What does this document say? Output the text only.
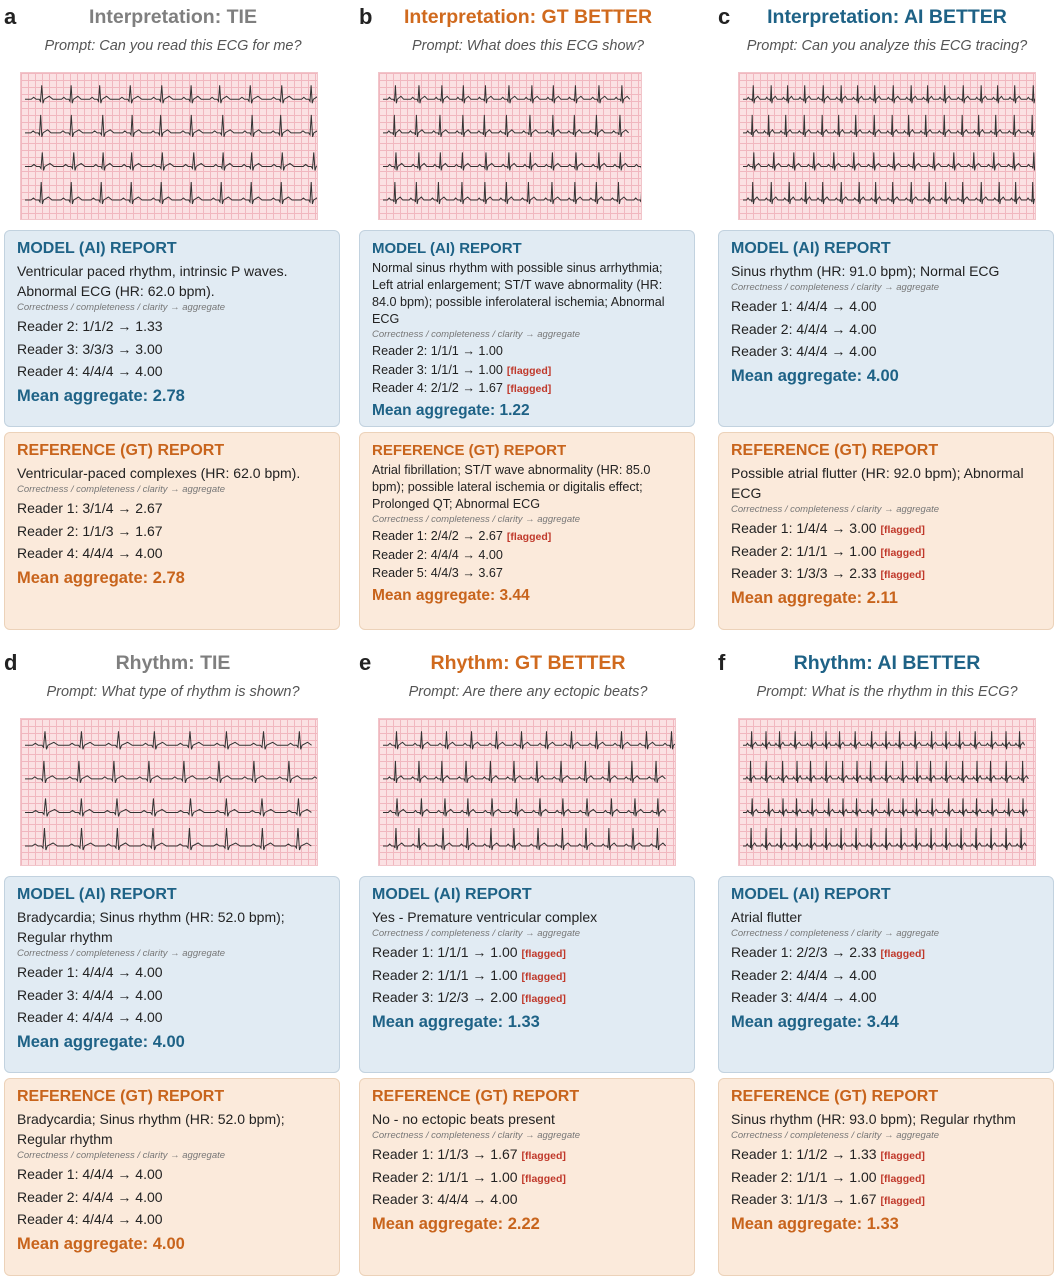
a	Interpretation: TIE
Prompt: Can you read this ECG for me?
MODEL (AI) REPORT
Ventricular paced rhythm, intrinsic P waves. Abnormal ECG (HR: 62.0 bpm).
Correctness / completeness / clarity → aggregate
Reader 2: 1/1/2 → 1.33
Reader 3: 3/3/3 → 3.00
Reader 4: 4/4/4 → 4.00
Mean aggregate: 2.78
REFERENCE (GT) REPORT
Ventricular-paced complexes (HR: 62.0 bpm).
Correctness / completeness / clarity → aggregate
Reader 1: 3/1/4 → 2.67
Reader 2: 1/1/3 → 1.67
Reader 4: 4/4/4 → 4.00
Mean aggregate: 2.78
b	Interpretation: GT BETTER
Prompt: What does this ECG show?
MODEL (AI) REPORT
Normal sinus rhythm with possible sinus arrhythmia; Left atrial enlargement; ST/T wave abnormality (HR: 84.0 bpm); possible inferolateral ischemia; Abnormal ECG
Correctness / completeness / clarity → aggregate
Reader 2: 1/1/1 → 1.00
Reader 3: 1/1/1 → 1.00 [flagged]
Reader 4: 2/1/2 → 1.67 [flagged]
Mean aggregate: 1.22
REFERENCE (GT) REPORT
Atrial fibrillation; ST/T wave abnormality (HR: 85.0 bpm); possible lateral ischemia or digitalis effect; Prolonged QT; Abnormal ECG
Correctness / completeness / clarity → aggregate
Reader 1: 2/4/2 → 2.67 [flagged]
Reader 2: 4/4/4 → 4.00
Reader 5: 4/4/3 → 3.67
Mean aggregate: 3.44
c	Interpretation: AI BETTER
Prompt: Can you analyze this ECG tracing?
MODEL (AI) REPORT
Sinus rhythm (HR: 91.0 bpm); Normal ECG
Correctness / completeness / clarity → aggregate
Reader 1: 4/4/4 → 4.00
Reader 2: 4/4/4 → 4.00
Reader 3: 4/4/4 → 4.00
Mean aggregate: 4.00
REFERENCE (GT) REPORT
Possible atrial flutter (HR: 92.0 bpm); Abnormal ECG
Correctness / completeness / clarity → aggregate
Reader 1: 1/4/4 → 3.00 [flagged]
Reader 2: 1/1/1 → 1.00 [flagged]
Reader 3: 1/3/3 → 2.33 [flagged]
Mean aggregate: 2.11
d	Rhythm: TIE
Prompt: What type of rhythm is shown?
MODEL (AI) REPORT
Bradycardia; Sinus rhythm (HR: 52.0 bpm); Regular rhythm
Correctness / completeness / clarity → aggregate
Reader 1: 4/4/4 → 4.00
Reader 3: 4/4/4 → 4.00
Reader 4: 4/4/4 → 4.00
Mean aggregate: 4.00
REFERENCE (GT) REPORT
Bradycardia; Sinus rhythm (HR: 52.0 bpm); Regular rhythm
Correctness / completeness / clarity → aggregate
Reader 1: 4/4/4 → 4.00
Reader 2: 4/4/4 → 4.00
Reader 4: 4/4/4 → 4.00
Mean aggregate: 4.00
e	Rhythm: GT BETTER
Prompt: Are there any ectopic beats?
MODEL (AI) REPORT
Yes - Premature ventricular complex
Correctness / completeness / clarity → aggregate
Reader 1: 1/1/1 → 1.00 [flagged]
Reader 2: 1/1/1 → 1.00 [flagged]
Reader 3: 1/2/3 → 2.00 [flagged]
Mean aggregate: 1.33
REFERENCE (GT) REPORT
No - no ectopic beats present
Correctness / completeness / clarity → aggregate
Reader 1: 1/1/3 → 1.67 [flagged]
Reader 2: 1/1/1 → 1.00 [flagged]
Reader 3: 4/4/4 → 4.00
Mean aggregate: 2.22
f	Rhythm: AI BETTER
Prompt: What is the rhythm in this ECG?
MODEL (AI) REPORT
Atrial flutter
Correctness / completeness / clarity → aggregate
Reader 1: 2/2/3 → 2.33 [flagged]
Reader 2: 4/4/4 → 4.00
Reader 3: 4/4/4 → 4.00
Mean aggregate: 3.44
REFERENCE (GT) REPORT
Sinus rhythm (HR: 93.0 bpm); Regular rhythm
Correctness / completeness / clarity → aggregate
Reader 1: 1/1/2 → 1.33 [flagged]
Reader 2: 1/1/1 → 1.00 [flagged]
Reader 3: 1/1/3 → 1.67 [flagged]
Mean aggregate: 1.33
